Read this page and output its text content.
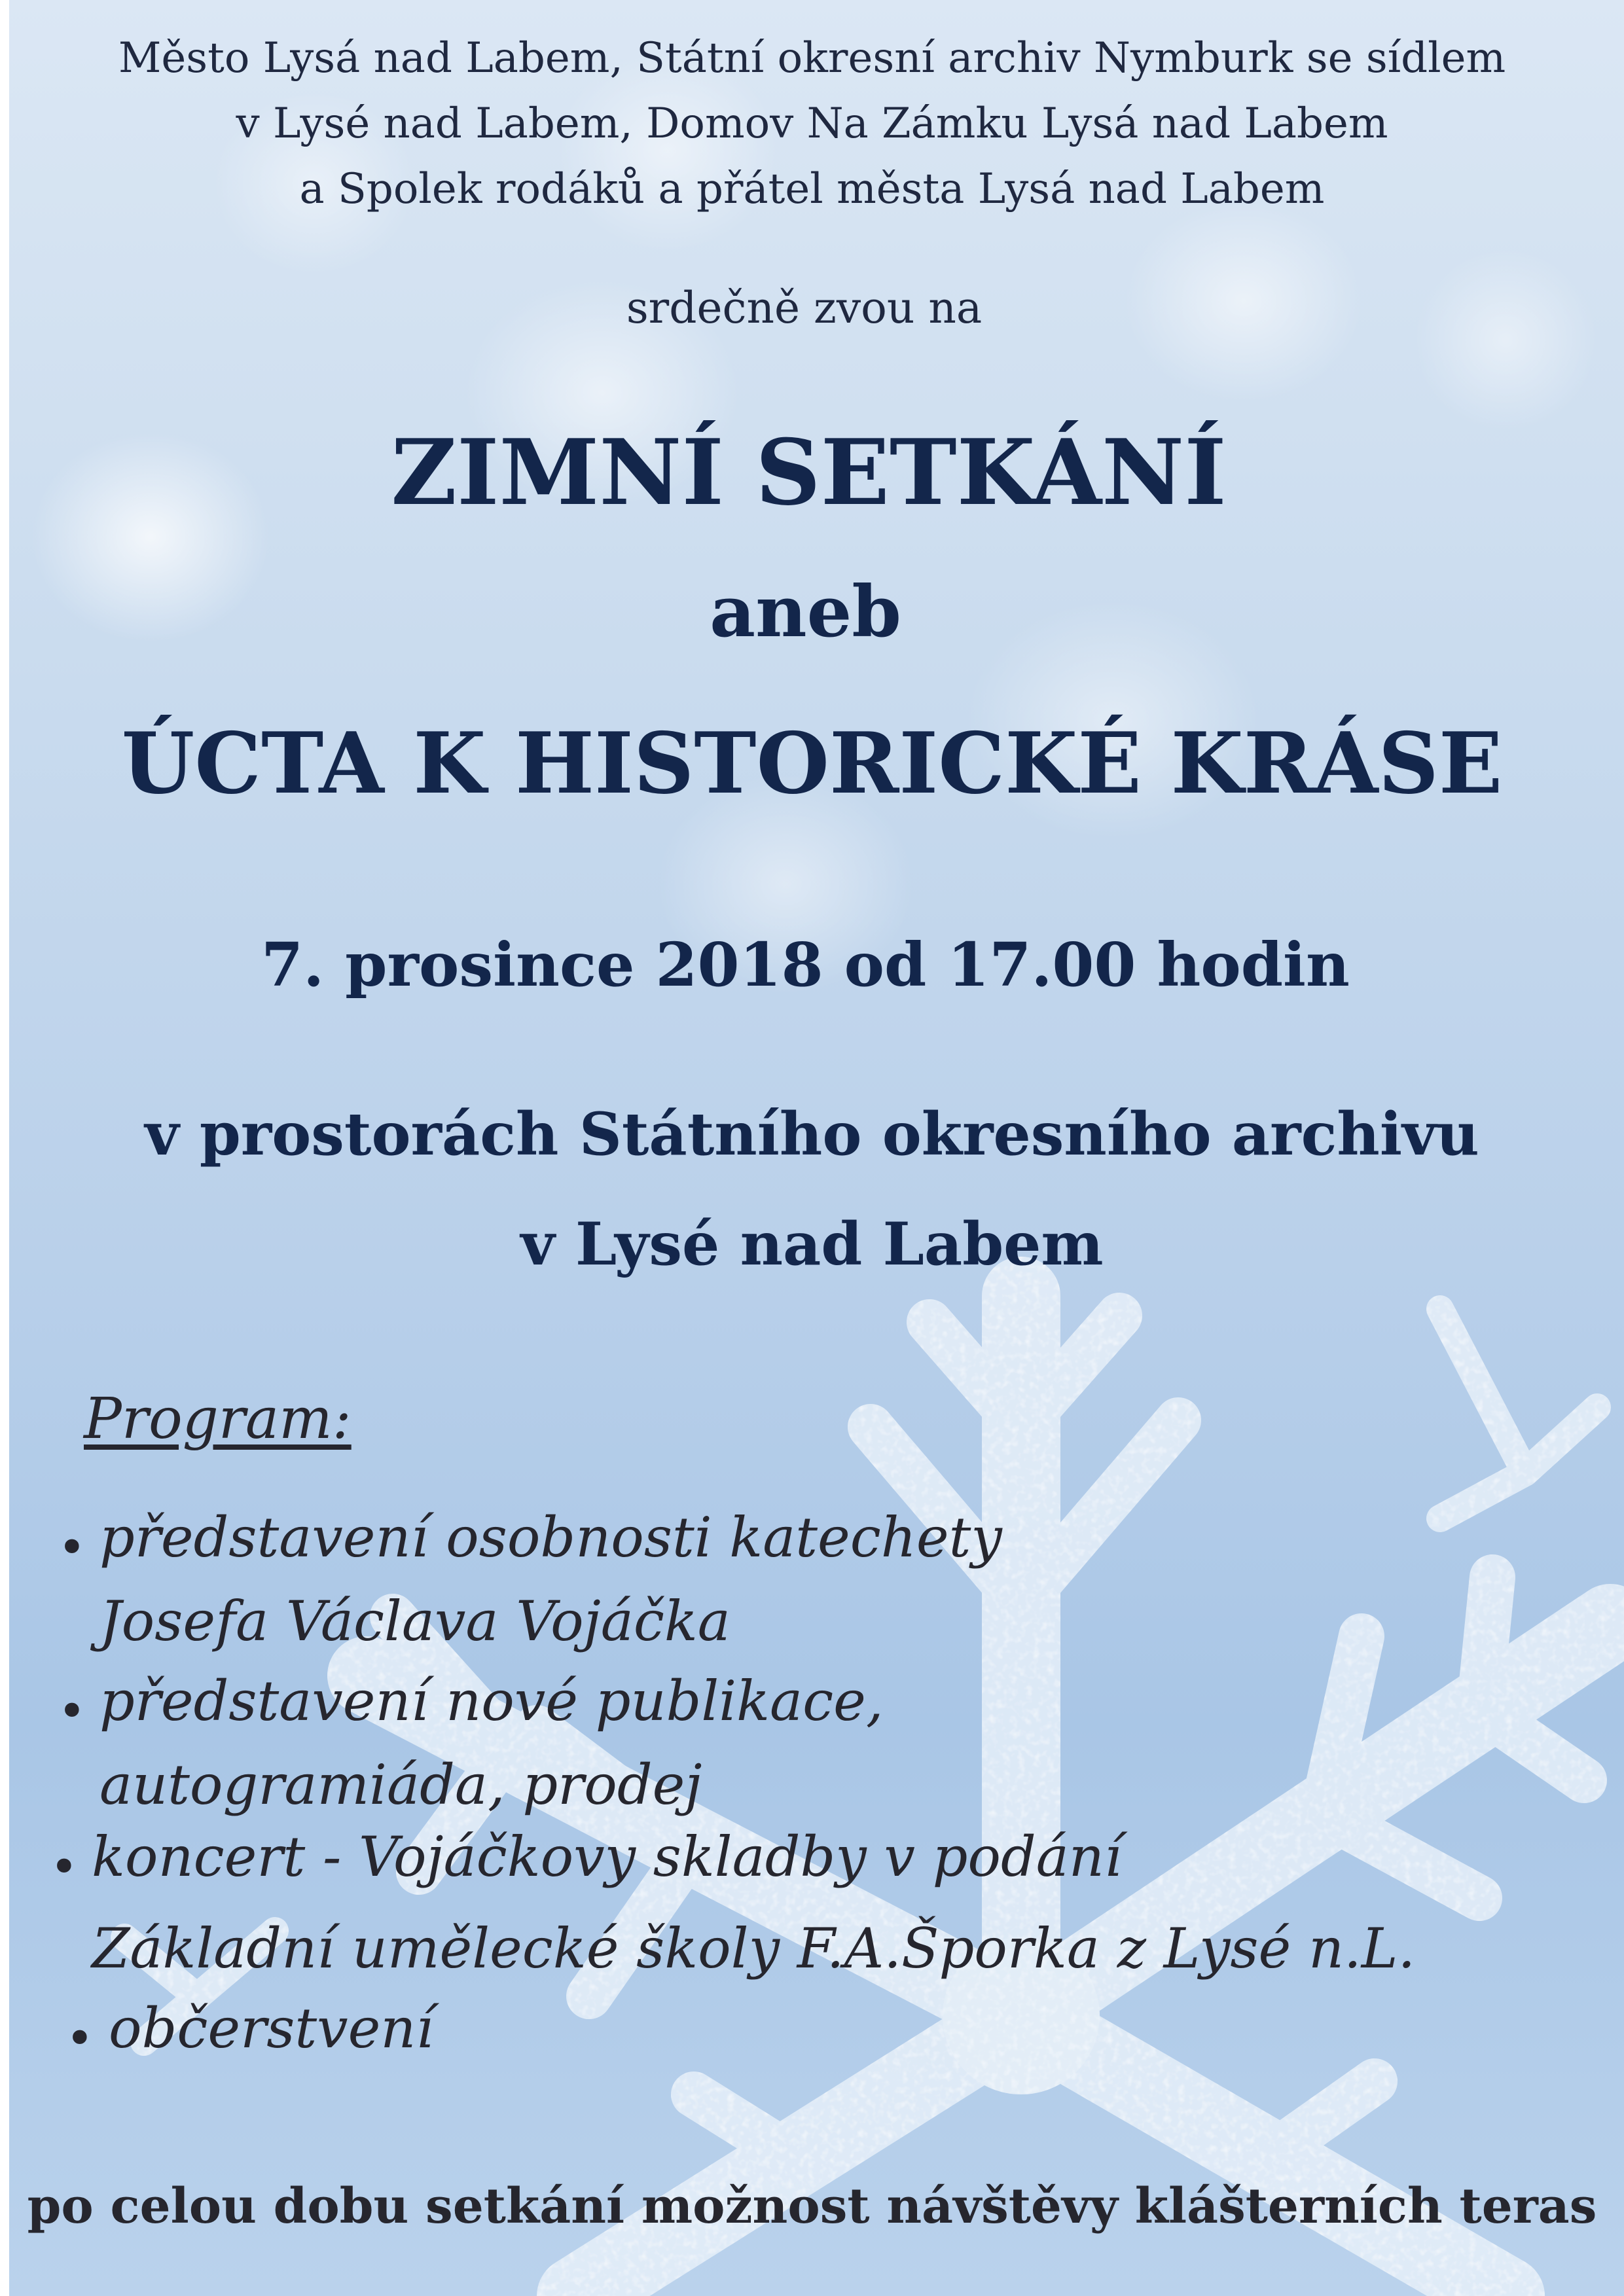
Město Lysá nad Labem, Státní okresní archiv Nymburk se sídlem

v Lysé nad Labem, Domov Na Zámku Lysá nad Labem

a Spolek rodáků a přátel města Lysá nad Labem

srdečně zvou na

ZIMNÍ SETKÁNÍ

aneb

ÚCTA K HISTORICKÉ KRÁSE

7. prosince 2018 od 17.00 hodin

v prostorách Státního okresního archivu

v Lysé nad Labem

Program:

• představení osobnosti katechety

Josefa Václava Vojáčka

• představení nové publikace,

autogramiáda, prodej

• koncert - Vojáčkovy skladby v podání

Základní umělecké školy F.A.Šporka z Lysé n.L.

• občerstvení

po celou dobu setkání možnost návštěvy klášterních teras
